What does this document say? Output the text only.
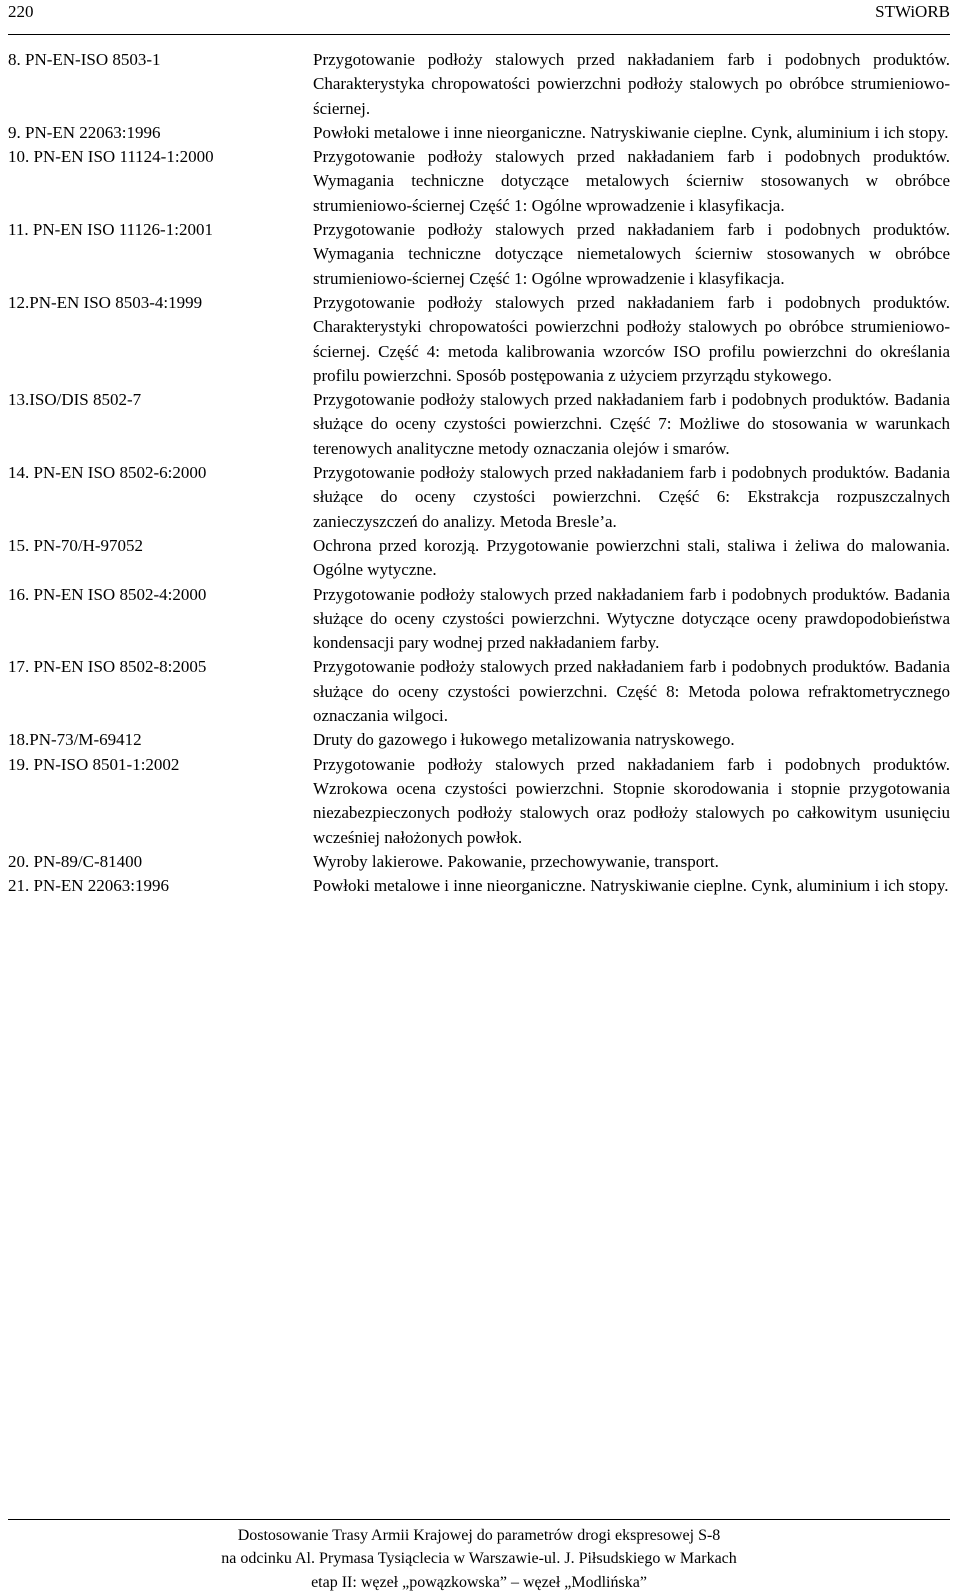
220	STWiORB
8. PN-EN-ISO 8503-1	Przygotowanie podłoży stalowych przed nakładaniem farb i podobnych produktów. Charakterystyka chropowatości powierzchni podłoży stalowych po obróbce strumieniowo-ściernej.
9. PN-EN 22063:1996	Powłoki metalowe i inne nieorganiczne. Natryskiwanie cieplne. Cynk, aluminium i ich stopy.
10. PN-EN ISO 11124-1:2000	Przygotowanie podłoży stalowych przed nakładaniem farb i podobnych produktów. Wymagania techniczne dotyczące metalowych ścierniw stosowanych w obróbce strumieniowo-ściernej Część 1: Ogólne wprowadzenie i klasyfikacja.
11. PN-EN ISO 11126-1:2001	Przygotowanie podłoży stalowych przed nakładaniem farb i podobnych produktów. Wymagania techniczne dotyczące niemetalowych ścierniw stosowanych w obróbce strumieniowo-ściernej Część 1: Ogólne wprowadzenie i klasyfikacja.
12.PN-EN ISO 8503-4:1999	Przygotowanie podłoży stalowych przed nakładaniem farb i podobnych produktów. Charakterystyki chropowatości powierzchni podłoży stalowych po obróbce strumieniowo-ściernej. Część 4: metoda kalibrowania wzorców ISO profilu powierzchni do określania profilu powierzchni. Sposób postępowania z użyciem przyrządu stykowego.
13.ISO/DIS 8502-7	Przygotowanie podłoży stalowych przed nakładaniem farb i podobnych produktów. Badania służące do oceny czystości powierzchni. Część 7: Możliwe do stosowania w warunkach terenowych analityczne metody oznaczania olejów i smarów.
14. PN-EN ISO 8502-6:2000	Przygotowanie podłoży stalowych przed nakładaniem farb i podobnych produktów. Badania służące do oceny czystości powierzchni. Część 6: Ekstrakcja rozpuszczalnych zanieczyszczeń do analizy. Metoda Bresle’a.
15. PN-70/H-97052	Ochrona przed korozją. Przygotowanie powierzchni stali, staliwa i żeliwa do malowania. Ogólne wytyczne.
16. PN-EN ISO 8502-4:2000	Przygotowanie podłoży stalowych przed nakładaniem farb i podobnych produktów. Badania służące do oceny czystości powierzchni. Wytyczne dotyczące oceny prawdopodobieństwa kondensacji pary wodnej przed nakładaniem farby.
17. PN-EN ISO 8502-8:2005	Przygotowanie podłoży stalowych przed nakładaniem farb i podobnych produktów. Badania służące do oceny czystości powierzchni. Część 8: Metoda polowa refraktometrycznego oznaczania wilgoci.
18.PN-73/M-69412	Druty do gazowego i łukowego metalizowania natryskowego.
19. PN-ISO 8501-1:2002	Przygotowanie podłoży stalowych przed nakładaniem farb i podobnych produktów. Wzrokowa ocena czystości powierzchni. Stopnie skorodowania i stopnie przygotowania niezabezpieczonych podłoży stalowych oraz podłoży stalowych po całkowitym usunięciu wcześniej nałożonych powłok.
20. PN-89/C-81400	Wyroby lakierowe. Pakowanie, przechowywanie, transport.
21. PN-EN 22063:1996	Powłoki metalowe i inne nieorganiczne. Natryskiwanie cieplne. Cynk, aluminium i ich stopy.
Dostosowanie Trasy Armii Krajowej do parametrów drogi ekspresowej S-8
na odcinku Al. Prymasa Tysiąclecia w Warszawie-ul. J. Piłsudskiego w Markach
etap II: węzeł „powązkowska” – węzeł „Modlińska”
